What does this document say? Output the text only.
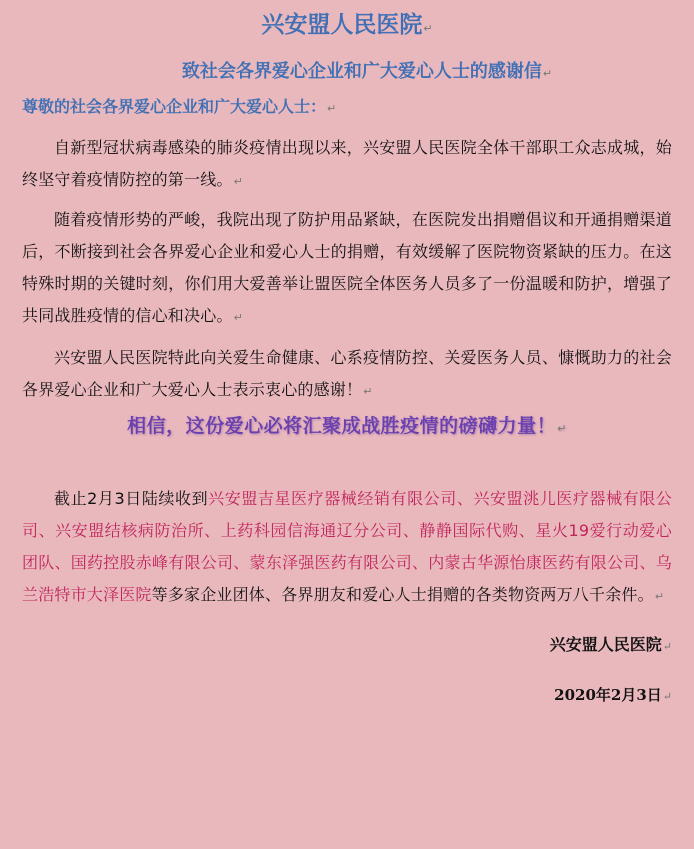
兴安盟人民医院↵
致社会各界爱心企业和广大爱心人士的感谢信↵

尊敬的社会各界爱心企业和广大爱心人士：↵

自新型冠状病毒感染的肺炎疫情出现以来，兴安盟人民医院全体干部职工众志成城，始终坚守着疫情防控的第一线。↵

随着疫情形势的严峻，我院出现了防护用品紧缺，在医院发出捐赠倡议和开通捐赠渠道后，不断接到社会各界爱心企业和爱心人士的捐赠，有效缓解了医院物资紧缺的压力。在这特殊时期的关键时刻，你们用大爱善举让盟医院全体医务人员多了一份温暖和防护，增强了共同战胜疫情的信心和决心。↵

兴安盟人民医院特此向关爱生命健康、心系疫情防控、关爱医务人员、慷慨助力的社会各界爱心企业和广大爱心人士表示衷心的感谢！↵

相信，这份爱心必将汇聚成战胜疫情的磅礴力量！↵

截止2月3日陆续收到兴安盟吉星医疗器械经销有限公司、兴安盟洮儿医疗器械有限公司、兴安盟结核病防治所、上药科园信海通辽分公司、静静国际代购、星火19爱行动爱心团队、国药控股赤峰有限公司、蒙东泽强医药有限公司、内蒙古华源怡康医药有限公司、乌兰浩特市大泽医院等多家企业团体、各界朋友和爱心人士捐赠的各类物资两万八千余件。↵

兴安盟人民医院↵

2020年2月3日↵
